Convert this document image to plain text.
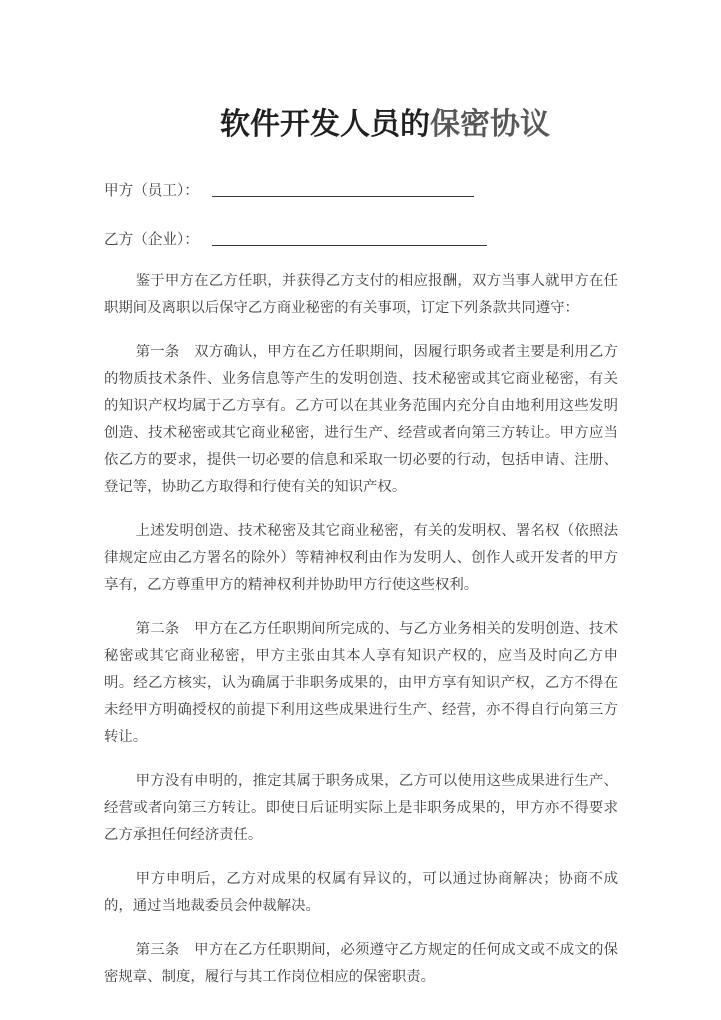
软件开发人员的保密协议
甲方（员工）：
乙方（企业）：

鉴于甲方在乙方任职，并获得乙方支付的相应报酬，双方当事人就甲方在任职期间及离职以后保守乙方商业秘密的有关事项，订定下列条款共同遵守：

第一条　双方确认，甲方在乙方任职期间，因履行职务或者主要是利用乙方的物质技术条件、业务信息等产生的发明创造、技术秘密或其它商业秘密，有关的知识产权均属于乙方享有。乙方可以在其业务范围内充分自由地利用这些发明创造、技术秘密或其它商业秘密，进行生产、经营或者向第三方转让。甲方应当依乙方的要求，提供一切必要的信息和采取一切必要的行动，包括申请、注册、登记等，协助乙方取得和行使有关的知识产权。

上述发明创造、技术秘密及其它商业秘密，有关的发明权、署名权（依照法律规定应由乙方署名的除外）等精神权利由作为发明人、创作人或开发者的甲方享有，乙方尊重甲方的精神权利并协助甲方行使这些权利。

第二条　甲方在乙方任职期间所完成的、与乙方业务相关的发明创造、技术秘密或其它商业秘密，甲方主张由其本人享有知识产权的，应当及时向乙方申明。经乙方核实，认为确属于非职务成果的，由甲方享有知识产权，乙方不得在未经甲方明确授权的前提下利用这些成果进行生产、经营，亦不得自行向第三方转让。

甲方没有申明的，推定其属于职务成果，乙方可以使用这些成果进行生产、经营或者向第三方转让。即使日后证明实际上是非职务成果的，甲方亦不得要求乙方承担任何经济责任。

甲方申明后，乙方对成果的权属有异议的，可以通过协商解决；协商不成的，通过当地裁委员会仲裁解决。

第三条　甲方在乙方任职期间，必须遵守乙方规定的任何成文或不成文的保密规章、制度，履行与其工作岗位相应的保密职责。
